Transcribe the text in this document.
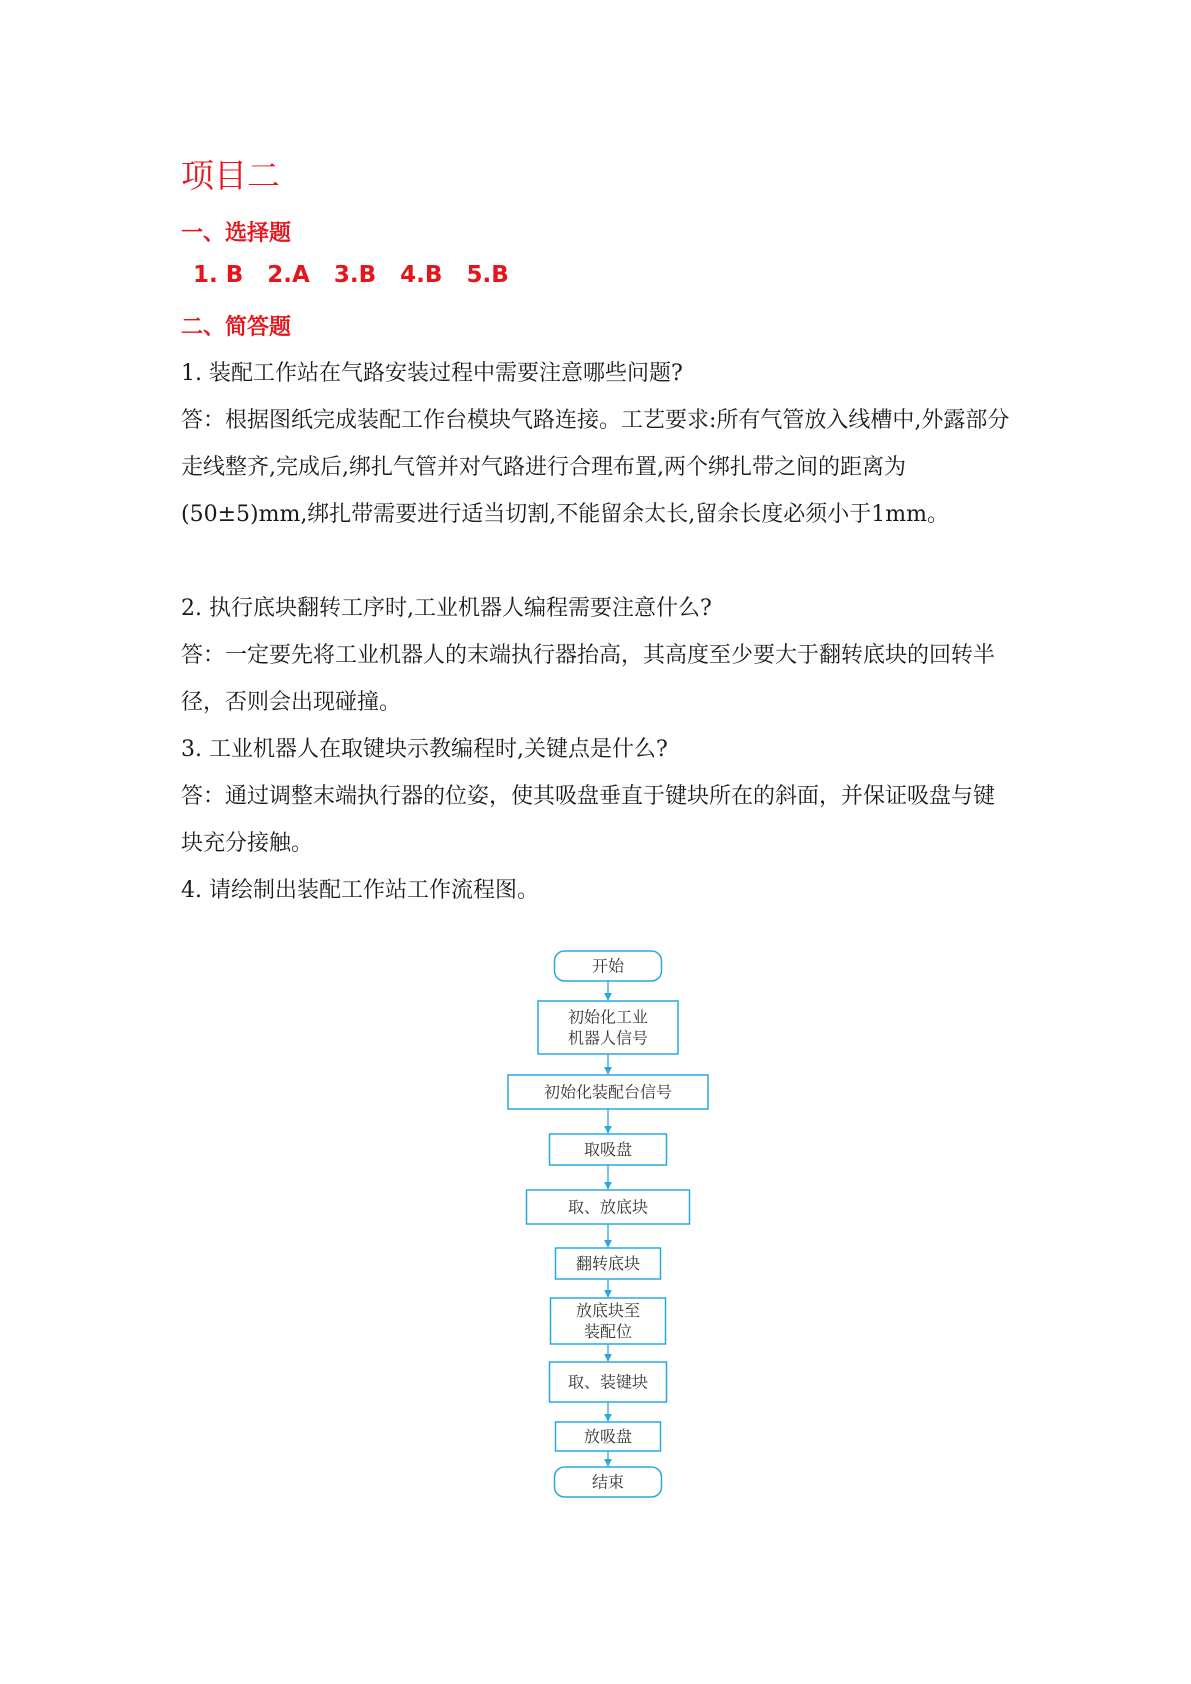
项目二
一、选择题

1. B   2.A   3.B   4.B   5.B

二、简答题

1. 装配工作站在气路安装过程中需要注意哪些问题?

答：根据图纸完成装配工作台模块气路连接。工艺要求:所有气管放入线槽中,外露部分走线整齐,完成后,绑扎气管并对气路进行合理布置,两个绑扎带之间的距离为(50±5)mm,绑扎带需要进行适当切割,不能留余太长,留余长度必须小于1mm。

2. 执行底块翻转工序时,工业机器人编程需要注意什么?

答：一定要先将工业机器人的末端执行器抬高，其高度至少要大于翻转底块的回转半径，否则会出现碰撞。

3. 工业机器人在取键块示教编程时,关键点是什么?

答：通过调整末端执行器的位姿，使其吸盘垂直于键块所在的斜面，并保证吸盘与键块充分接触。

4. 请绘制出装配工作站工作流程图。

开始
初始化工业
机器人信号
初始化装配台信号
取吸盘
取、放底块
翻转底块
放底块至
装配位
取、装键块
放吸盘
结束
